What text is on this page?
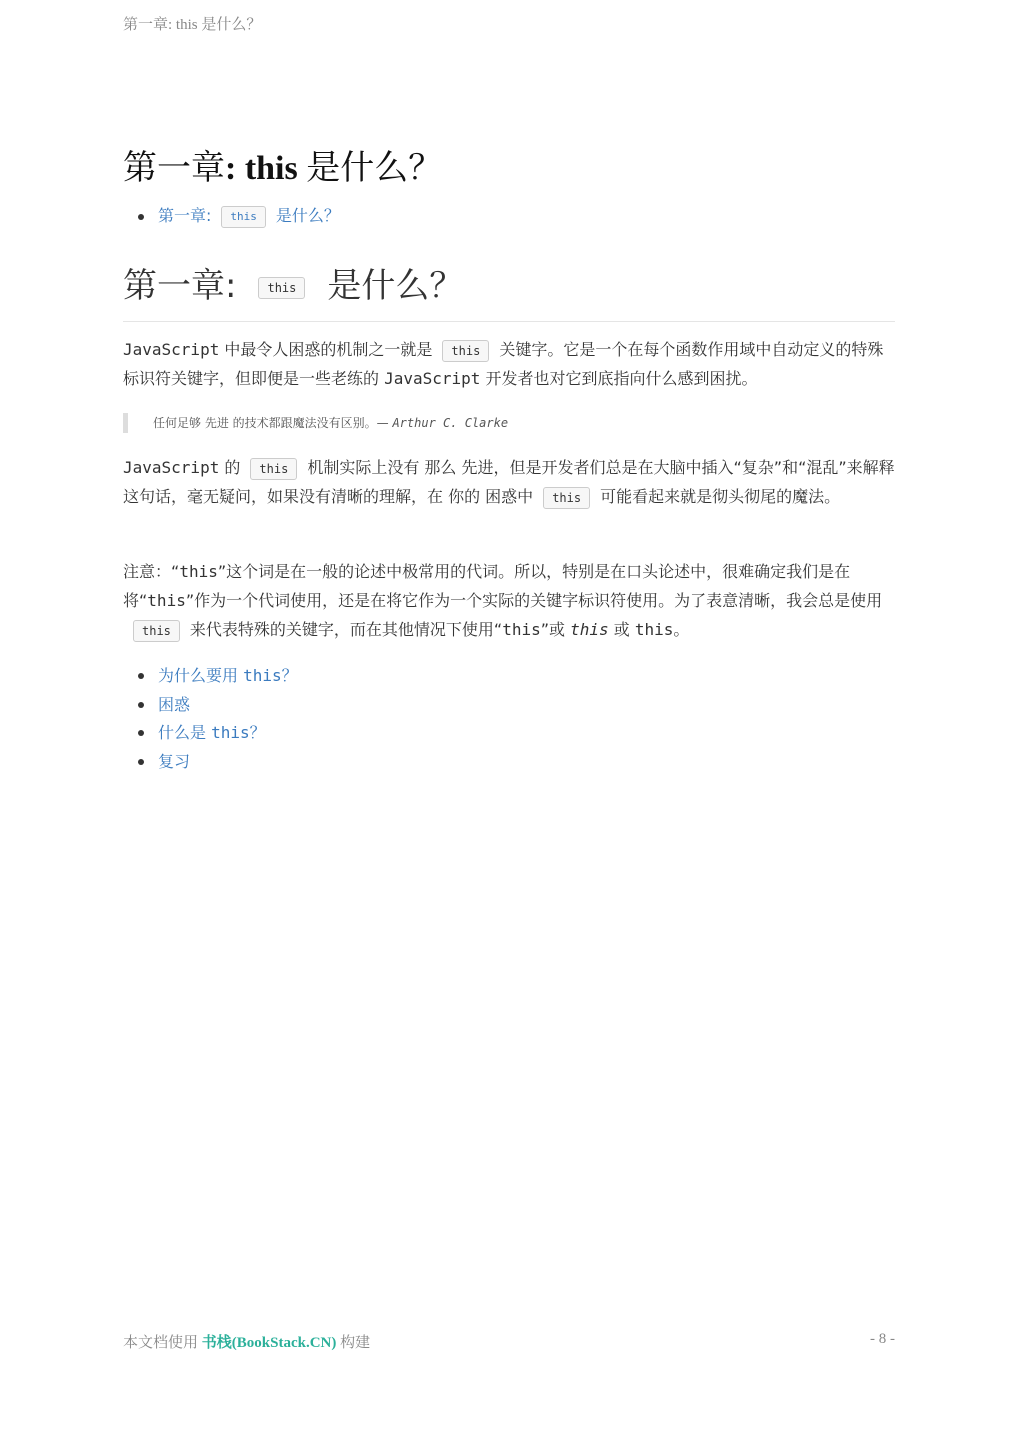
第一章: this 是什么？
第一章: this 是什么？
第一章: this 是什么？
第一章:	this 是什么？

JavaScript 中最令人困惑的机制之一就是 this 关键字。它是一个在每个函数作用域中自动定义的特殊标识符关键字，但即便是一些老练的 JavaScript 开发者也对它到底指向什么感到困扰。

任何足够 先进 的技术都跟魔法没有区别。— Arthur C. Clarke

JavaScript 的 this 机制实际上没有 那么 先进，但是开发者们总是在大脑中插入“复杂”和“混乱”来解释这句话，毫无疑问，如果没有清晰的理解，在 你的 困惑中 this 可能看起来就是彻头彻尾的魔法。

注意：“this”这个词是在一般的论述中极常用的代词。所以，特别是在口头论述中，很难确定我们是在将“this”作为一个代词使用，还是在将它作为一个实际的关键字标识符使用。为了表意清晰，我会总是使用this 来代表特殊的关键字，而在其他情况下使用“this”或 this 或 this。

为什么要用 this？
困惑
什么是 this？
复习
本文档使用 书栈(BookStack.CN) 构建	- 8 -
